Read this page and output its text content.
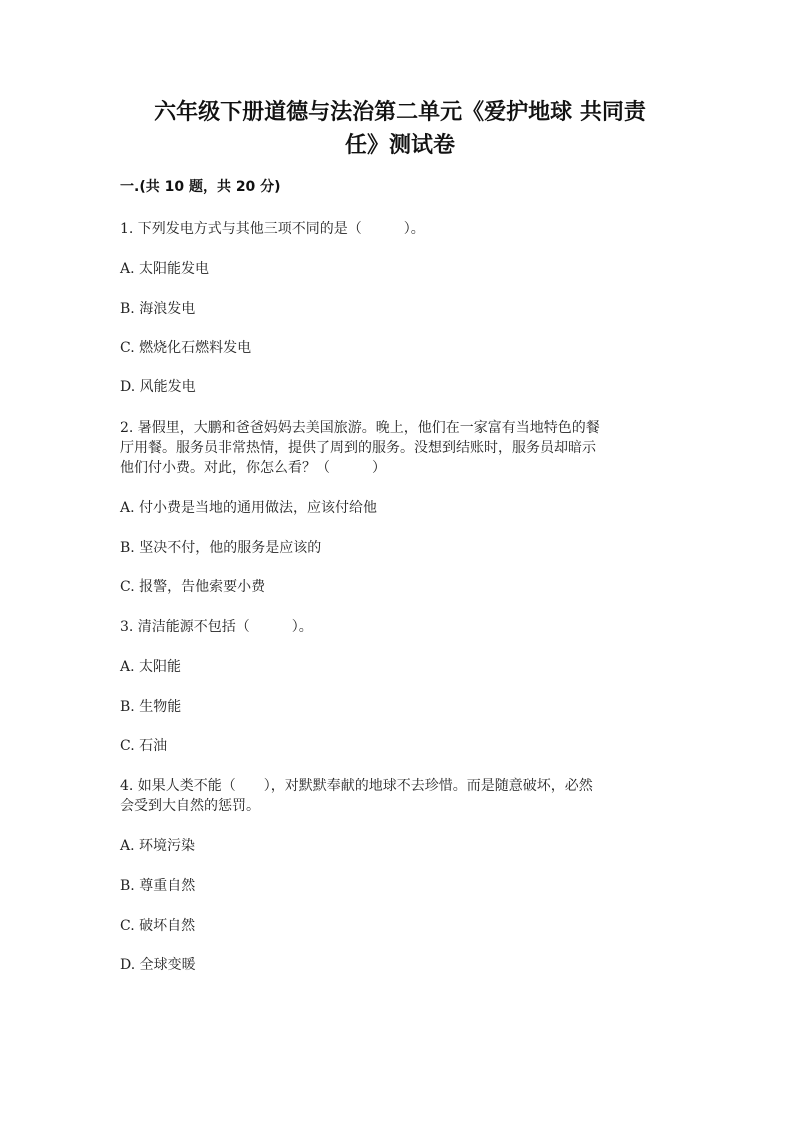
六年级下册道德与法治第二单元《爱护地球 共同责
任》测试卷
一.(共 10 题，共 20 分)
1. 下列发电方式与其他三项不同的是（　　　）。
A. 太阳能发电
B. 海浪发电
C. 燃烧化石燃料发电
D. 风能发电
2. 暑假里，大鹏和爸爸妈妈去美国旅游。晚上，他们在一家富有当地特色的餐
厅用餐。服务员非常热情，提供了周到的服务。没想到结账时，服务员却暗示
他们付小费。对此，你怎么看？（　　　）
A. 付小费是当地的通用做法，应该付给他
B. 坚决不付，他的服务是应该的
C. 报警，告他索要小费
3. 清洁能源不包括（　　　）。
A. 太阳能
B. 生物能
C. 石油
4. 如果人类不能（　　），对默默奉献的地球不去珍惜。而是随意破坏，必然
会受到大自然的惩罚。
A. 环境污染
B. 尊重自然
C. 破坏自然
D. 全球变暖
